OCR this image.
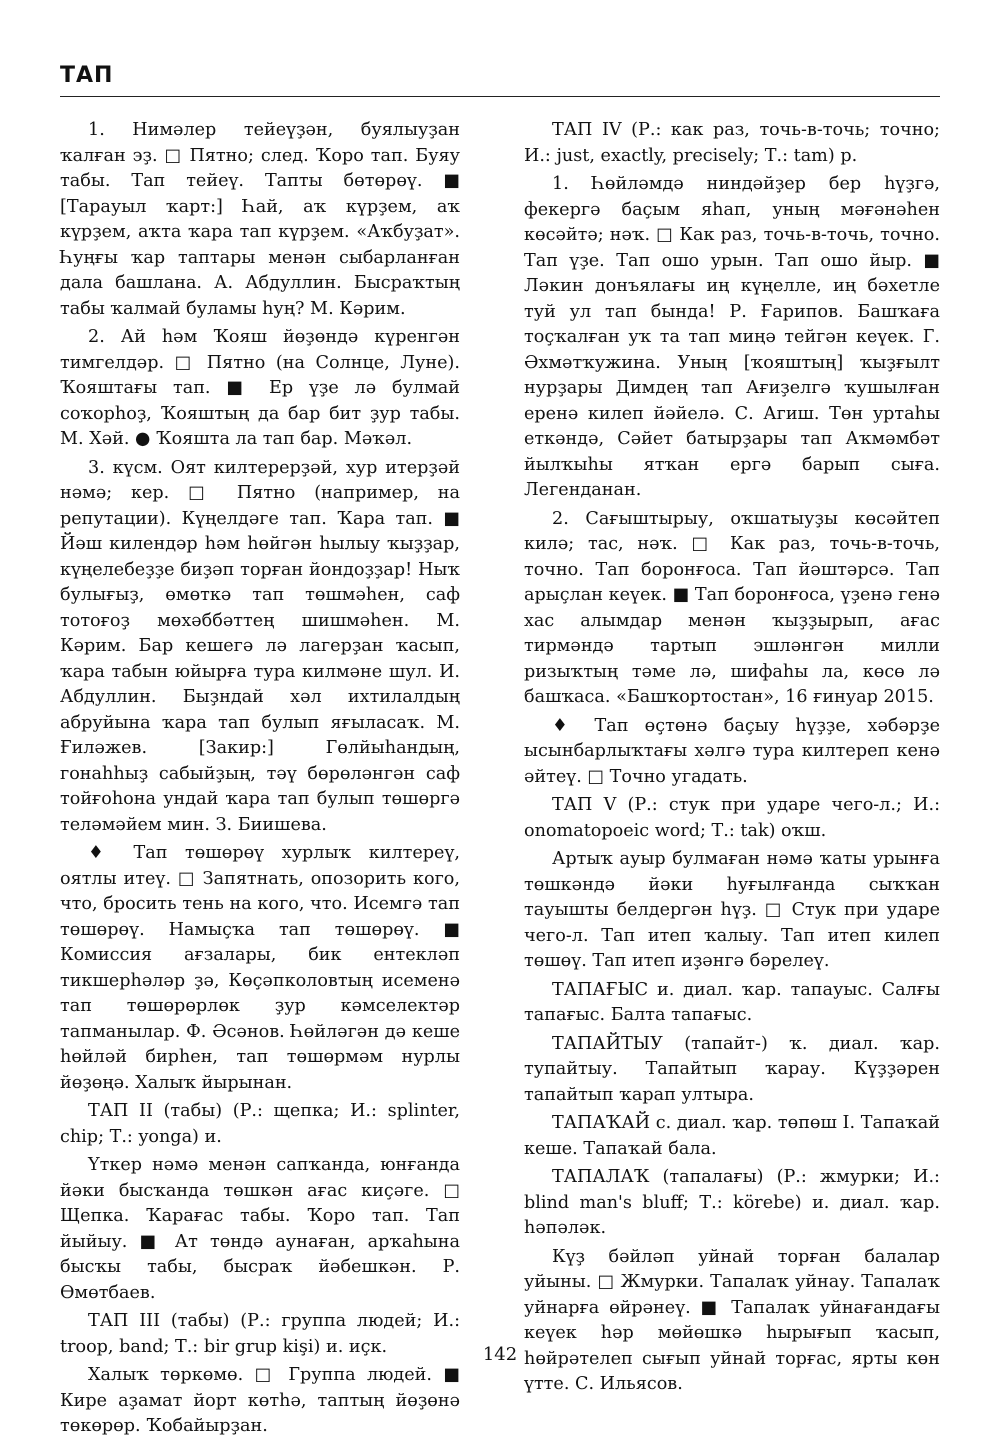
ТАП

1. Нимәлер тейеүҙән, буялыуҙан ҡалған эҙ. □ Пятно; след. Ҡоро тап. Буяу табы. Тап тейеү. Тапты бөтөрөү. ■ [Тарауыл ҡарт:] Һай, аҡ күрҙем, аҡ күрҙем, аҡта ҡара тап күрҙем. «Аҡбуҙат». Һуңғы ҡар таптары менән сыбарланған дала башлана. А. Абдуллин. Бысраҡтың табы ҡалмай буламы һуң? М. Кәрим.

2. Ай һәм Ҡояш йөҙөндә күренгән тимгелдәр. □ Пятно (на Солнце, Луне). Ҡояштағы тап. ■ Ер үҙе лә булмай соҡорһоҙ, Ҡояштың да бар бит ҙур табы. М. Хәй. ● Ҡояшта ла тап бар. Мәҡәл.

3. күсм. Оят килтерерҙәй, хур итерҙәй нәмә; кер. □ Пятно (например, на репутации). Күңелдәге тап. Ҡара тап. ■ Йәш килендәр һәм һөйгән һылыу ҡыҙҙар, күңелебеҙҙе биҙәп торған йондоҙҙар! Ныҡ булығыҙ, өмөткә тап төшмәһен, саф тотоғоҙ мөхәббәттең шишмәһен. М. Кәрим. Бар кешегә лә лагерҙан ҡасып, ҡара табын юйырға тура килмәне шул. И. Абдуллин. Быҙндай хәл ихтилалдың абруйына ҡара тап булып яғыласаҡ. М. Ғиләжев. [Закир:] Гөлйыһандың, гонаһһыҙ сабыйҙың, тәү бөрөләнгән саф тойғоһона ундай ҡара тап булып төшөргә теләмәйем мин. З. Биишева.

♦ Тап төшөрөү хурлыҡ килтереү, оятлы итеү. □ Запятнать, опозорить кого, что, бросить тень на кого, что. Исемгә тап төшөрөү. Намыҫҡа тап төшөрөү. ■ Комиссия ағзалары, бик ентекләп тикшерһәләр ҙә, Көҫәпколовтың исеменә тап төшөрөрлөк ҙур кәмселектәр тапманылар. Ф. Әсәнов. Һөйләгән дә кеше һөйләй бирһен, тап төшөрмәм нурлы йөҙөңә. Халыҡ йырынан.

ТАП II (табы) (Р.: щепка; И.: splinter, chip; Т.: yonga) и.

Үткер нәмә менән сапҡанда, юнғанда йәки бысҡанда төшкән ағас киҫәге. □ Щепка. Ҡарағас табы. Ҡоро тап. Тап йыйыу. ■ Ат төндә аунаған, арҡаһына бысҡы табы, бысраҡ йәбешкән. Р. Өмөтбаев.

ТАП III (табы) (Р.: группа людей; И.: troop, band; Т.: bir grup kişi) и. иҫк.

Халыҡ төркөмө. □ Группа людей. ■ Кире аҙамат йорт көтһә, таптың йөҙөнә төкөрөр. Ҡобайырҙан.

ТАП IV (Р.: как раз, точь-в-точь; точно; И.: just, exactly, precisely; Т.: tam) р.

1. Һөйләмдә ниндәйҙер бер һүҙгә, фекергә баҫым яһап, уның мәғәнәһен көсәйтә; нәҡ. □ Как раз, точь-в-точь, точно. Тап үҙе. Тап ошо урын. Тап ошо йыр. ■ Ләкин донъялағы иң күңелле, иң бәхетле туй ул тап бында! Р. Ғарипов. Башҡаға тоҫҡалған уҡ та тап миңә тейгән кеүек. Г. Әхмәтҡужина. Уның [ҡояштың] ҡыҙғылт нурҙары Димдең тап Ағиҙелгә ҡушылған еренә килеп йәйелә. С. Агиш. Төн уртаһы еткәндә, Сәйет батырҙары тап Аҡмәмбәт йылҡыһы ятҡан ергә барып сыға. Легенданан.

2. Сағыштырыу, оҡшатыуҙы көсәйтеп килә; тас, нәҡ. □ Как раз, точь-в-точь, точно. Тап боронғоса. Тап йәштәрсә. Тап арыҫлан кеүек. ■ Тап боронғоса, үҙенә генә хас алымдар менән ҡыҙҙырып, ағас тирмәндә тартып эшләнгән милли ризыҡтың тәме лә, шифаһы ла, көсө лә башҡаса. «Башҡортостан», 16 ғинуар 2015.

♦ Тап өҫтөнә баҫыу һүҙҙе, хәбәрҙе ысынбарлыҡтағы хәлгә тура килтереп кенә әйтеү. □ Точно угадать.

ТАП V (Р.: стук при ударе чего-л.; И.: onomatopoeic word; Т.: tak) оҡш.

Артыҡ ауыр булмаған нәмә ҡаты урынға төшкәндә йәки һуғылғанда сыҡҡан тауышты белдергән һүҙ. □ Стук при ударе чего-л. Тап итеп ҡалыу. Тап итеп килеп төшөү. Тап итеп иҙәнгә бәрелеү.

ТАПАҒЫС и. диал. ҡар. тапауыс. Салғы тапағыс. Балта тапағыс.

ТАПАЙТЫУ (тапайт-) ҡ. диал. ҡар. тупайтыу. Тапайтып ҡарау. Күҙҙәрен тапайтып ҡарап ултыра.

ТАПАҠАЙ с. диал. ҡар. төпөш I. Тапаҡай кеше. Тапаҡай бала.

ТАПАЛАҠ (тапалағы) (Р.: жмурки; И.: blind man's bluff; Т.: körebe) и. диал. ҡар. һәпәләк.

Күҙ бәйләп уйнай торған балалар уйыны. □ Жмурки. Тапалаҡ уйнау. Тапалаҡ уйнарға өйрәнеү. ■ Тапалаҡ уйнағандағы кеүек һәр мөйөшкә һырығып ҡасып, һөйрәтелеп сығып уйнай торғас, ярты көн үтте. С. Ильясов.

142
